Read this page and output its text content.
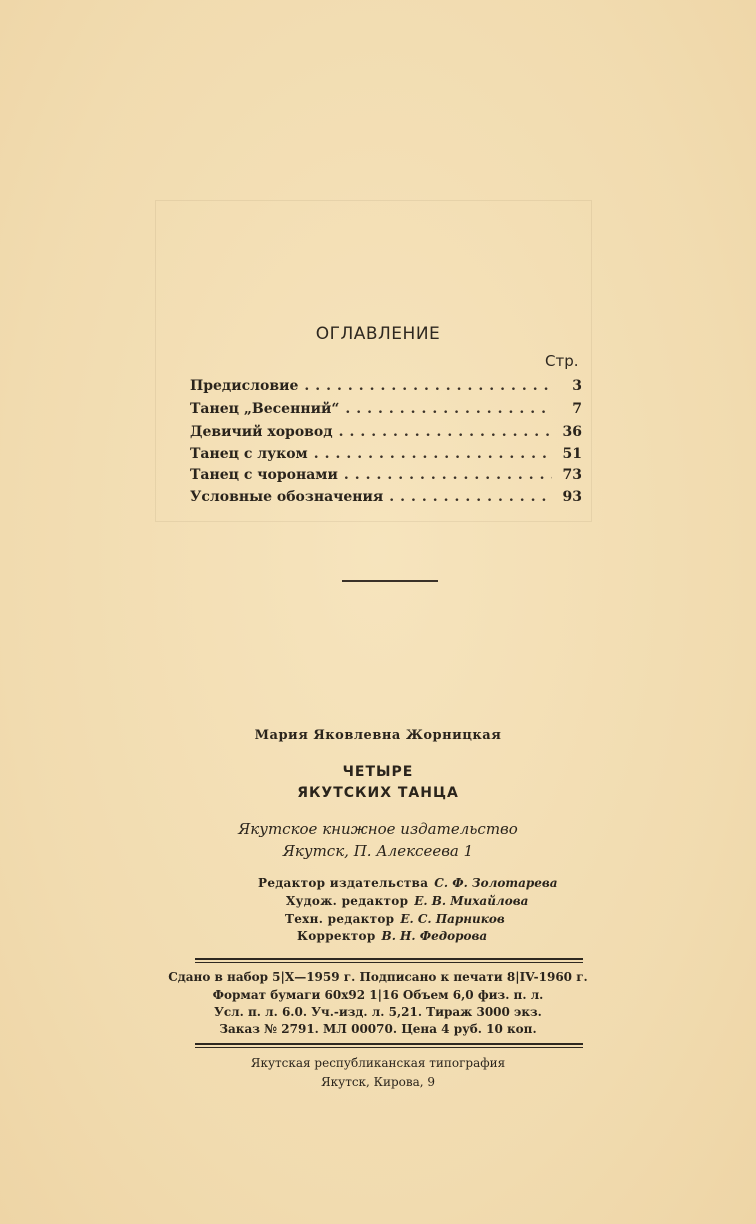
ОГЛАВЛЕНИЕ
Стр.
Предисловие .....	3
Танец „Весенний“ .....	7
Девичий хоровод .....	36
Танец с луком .....	51
Танец с чоронами .....	73
Условные обозначения .....	93
Мария Яковлевна Жорницкая
ЧЕТЫРЕ
ЯКУТСКИХ ТАНЦА
Якутское книжное издательство
Якутск, П. Алексеева 1
Редактор издательства С. Ф. Золотарева
Худож. редактор Е. В. Михайлова
Техн. редактор Е. С. Парников
Корректор В. Н. Федорова
Сдано в набор 5|Х—1959 г. Подписано к печати 8|IV-1960 г.
Формат бумаги 60х92 1|16 Объем 6,0 физ. п. л.
Усл. п. л. 6.0. Уч.-изд. л. 5,21. Тираж 3000 экз.
Заказ № 2791. МЛ 00070. Цена 4 руб. 10 коп.
Якутская республиканская типография
Якутск, Кирова, 9
